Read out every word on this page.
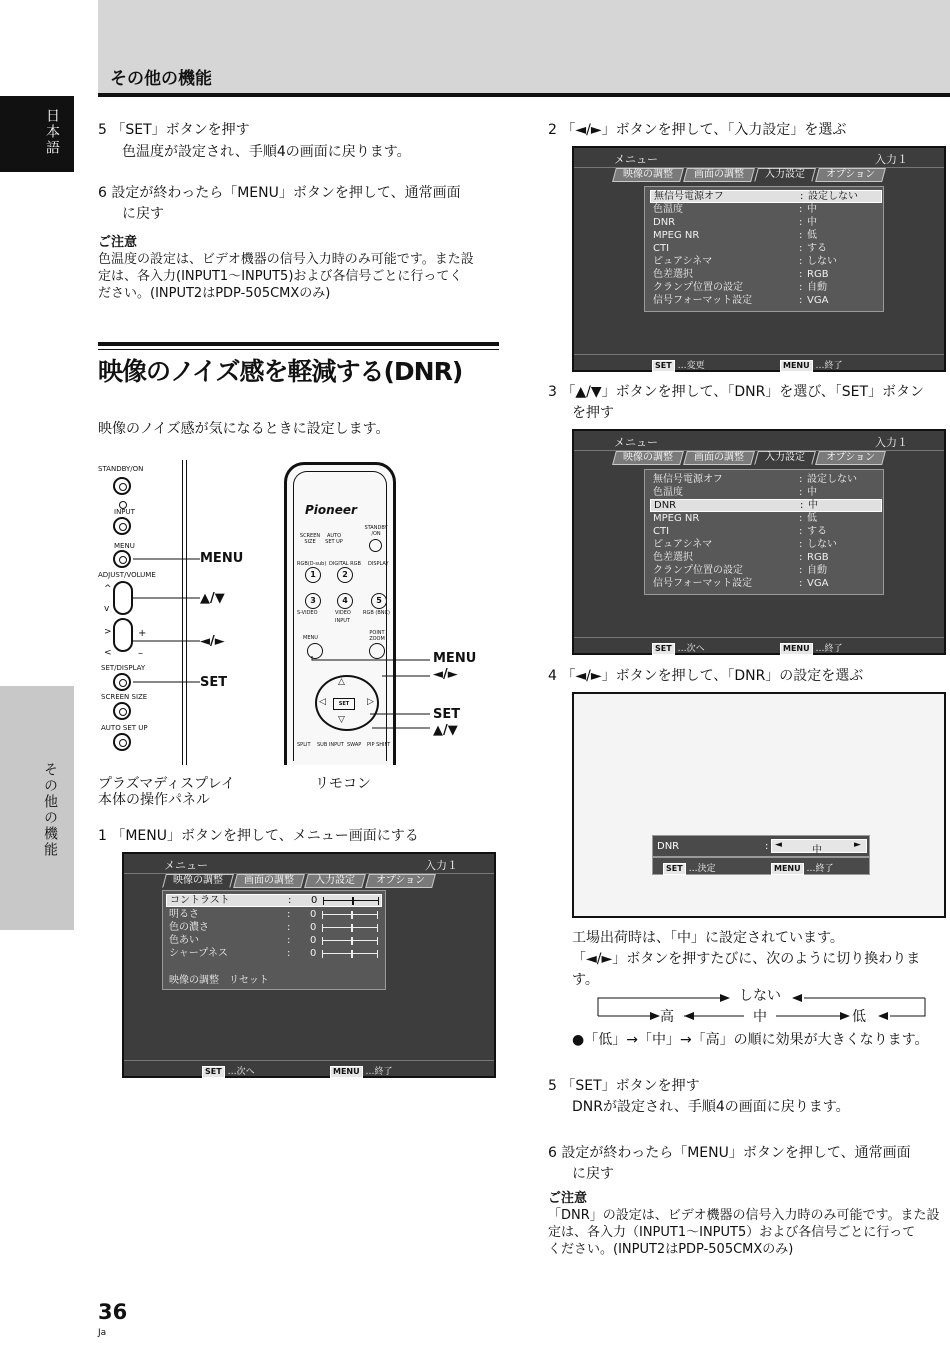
その他の機能
日本語
その他の機能
5 「SET」ボタンを押す
色温度が設定され、手順4の画面に戻ります。
6 設定が終わったら「MENU」ボタンを押して、通常画面
に戻す
ご注意
色温度の設定は、ビデオ機器の信号入力時のみ可能です。また設
定は、各入力(INPUT1～INPUT5)および各信号ごとに行ってく
ださい。(INPUT2はPDP-505CMXのみ)
映像のノイズ感を軽減する(DNR)
映像のノイズ感が気になるときに設定します。
STANDBY/ON
INPUT
MENU
ADJUST/VOLUME
^
v
>
<
+
–
SET/DISPLAY
SCREEN SIZE
AUTO SET UP
MENU
▲/▼
◄/►
SET
Pioneer
SCREEN SIZE
AUTO SET UP
STANDBY /ON
RGB(D-sub) DIGITAL RGB DISPLAY
1	2
3	4	5
S-VIDEO	VIDEO RGB (BNC)
INPUT
MENU
POINT ZOOM
△
▽
◁	▷
SET
SPLIT SUB INPUT SWAP PIP SHIFT
MENU
◄/►
SET
▲/▼
プラズマディスプレイ
本体の操作パネル
リモコン
1 「MENU」ボタンを押して、メニュー画面にする
メニュー	入力１
映像の調整	画面の調整	入力設定	オプション
コントラスト	: 0
明るさ	: 0
色の濃さ	: 0
色あい	: 0
シャープネス	: 0
映像の調整　リセット
SET …次へ	MENU …終了
2 「◄/►」ボタンを押して、「入力設定」を選ぶ
メニュー	入力１
映像の調整	画面の調整	入力設定	オプション
無信号電源オフ	: 設定しない
色温度	: 中
DNR	: 中
MPEG NR	: 低
CTI	: する
ピュアシネマ	: しない
色差選択	: RGB
クランプ位置の設定	: 自動
信号フォーマット設定	: VGA
SET …変更	MENU …終了
3 「▲/▼」ボタンを押して、「DNR」を選び、「SET」ボタン
を押す
メニュー	入力１
映像の調整	画面の調整	入力設定	オプション
無信号電源オフ	: 設定しない
色温度	: 中
DNR	: 中
MPEG NR	: 低
CTI	: する
ピュアシネマ	: しない
色差選択	: RGB
クランプ位置の設定	: 自動
信号フォーマット設定	: VGA
SET …次へ	MENU …終了
4 「◄/►」ボタンを押して、「DNR」の設定を選ぶ
DNR	: ◄	中	►
SET …決定	MENU …終了
工場出荷時は、「中」に設定されています。
「◄/►」ボタンを押すたびに、次のように切り換わりま
す。
しない
高	中	低
●「低」→「中」→「高」の順に効果が大きくなります。
5 「SET」ボタンを押す
DNRが設定され、手順4の画面に戻ります。
6 設定が終わったら「MENU」ボタンを押して、通常画面
に戻す
ご注意
「DNR」の設定は、ビデオ機器の信号入力時のみ可能です。また設
定は、各入力（INPUT1～INPUT5）および各信号ごとに行って
ください。(INPUT2はPDP-505CMXのみ)
36
Ja
